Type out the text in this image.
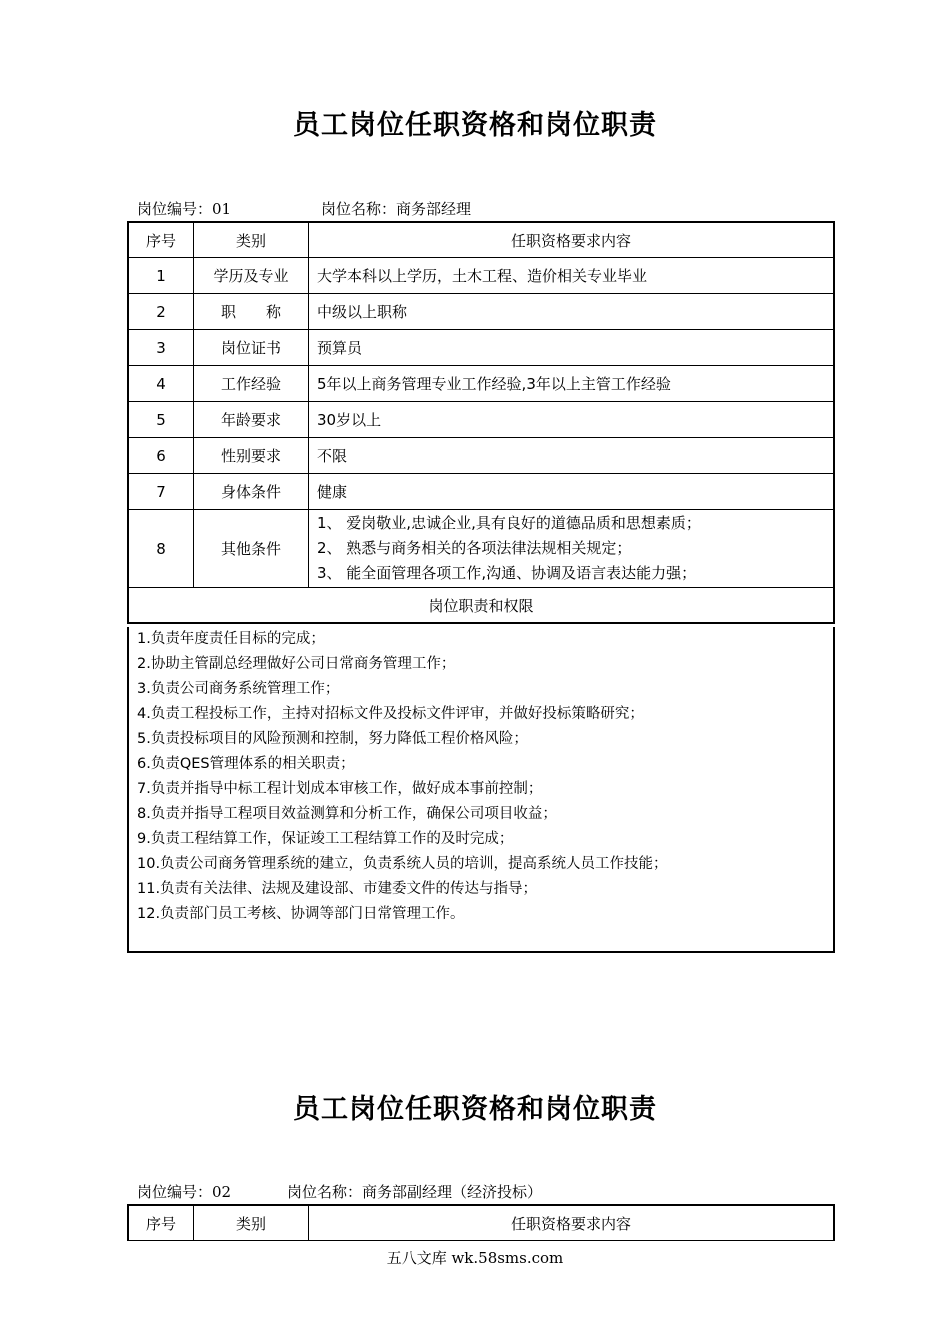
员工岗位任职资格和岗位职责
岗位编号：01	岗位名称：商务部经理
序号	类别	任职资格要求内容
1	学历及专业	大学本科以上学历，土木工程、造价相关专业毕业
2	职　　称	中级以上职称
3	岗位证书	预算员
4	工作经验	5年以上商务管理专业工作经验,3年以上主管工作经验
5	年龄要求	30岁以上
6	性别要求	不限
7	身体条件	健康
8	其他条件	1、 爱岗敬业,忠诚企业,具有良好的道德品质和思想素质；
2、 熟悉与商务相关的各项法律法规相关规定；
3、 能全面管理各项工作,沟通、协调及语言表达能力强；

岗位职责和权限		
1.负责年度责任目标的完成；
2.协助主管副总经理做好公司日常商务管理工作；
3.负责公司商务系统管理工作；
4.负责工程投标工作，主持对招标文件及投标文件评审，并做好投标策略研究；
5.负责投标项目的风险预测和控制，努力降低工程价格风险；
6.负责QES管理体系的相关职责；
7.负责并指导中标工程计划成本审核工作，做好成本事前控制；
8.负责并指导工程项目效益测算和分析工作，确保公司项目收益；
9.负责工程结算工作，保证竣工工程结算工作的及时完成；
10.负责公司商务管理系统的建立，负责系统人员的培训，提高系统人员工作技能；
11.负责有关法律、法规及建设部、市建委文件的传达与指导；
12.负责部门员工考核、协调等部门日常管理工作。
员工岗位任职资格和岗位职责
岗位编号：02	岗位名称：商务部副经理（经济投标）
序号	类别	任职资格要求内容
五八文库 wk.58sms.com
